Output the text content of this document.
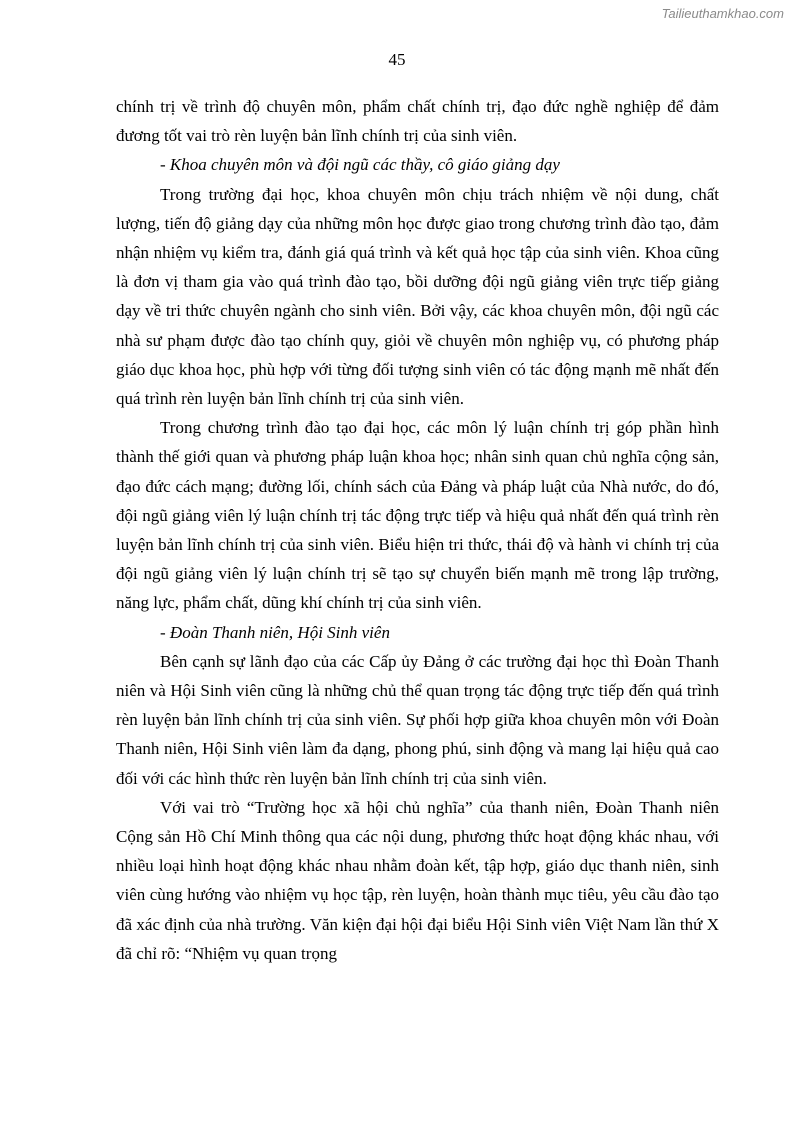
Tailieuthamkhao.com
45

chính trị về trình độ chuyên môn, phẩm chất chính trị, đạo đức nghề nghiệp để đảm đương tốt vai trò rèn luyện bản lĩnh chính trị của sinh viên.

- Khoa chuyên môn và đội ngũ các thầy, cô giáo giảng dạy

Trong trường đại học, khoa chuyên môn chịu trách nhiệm về nội dung, chất lượng, tiến độ giảng dạy của những môn học được giao trong chương trình đào tạo, đảm nhận nhiệm vụ kiểm tra, đánh giá quá trình và kết quả học tập của sinh viên. Khoa cũng là đơn vị tham gia vào quá trình đào tạo, bồi dưỡng đội ngũ giảng viên trực tiếp giảng dạy về tri thức chuyên ngành cho sinh viên. Bởi vậy, các khoa chuyên môn, đội ngũ các nhà sư phạm được đào tạo chính quy, giỏi về chuyên môn nghiệp vụ, có phương pháp giáo dục khoa học, phù hợp với từng đối tượng sinh viên có tác động mạnh mẽ nhất đến quá trình rèn luyện bản lĩnh chính trị của sinh viên.

Trong chương trình đào tạo đại học, các môn lý luận chính trị góp phần hình thành thế giới quan và phương pháp luận khoa học; nhân sinh quan chủ nghĩa cộng sản, đạo đức cách mạng; đường lối, chính sách của Đảng và pháp luật của Nhà nước, do đó, đội ngũ giảng viên lý luận chính trị tác động trực tiếp và hiệu quả nhất đến quá trình rèn luyện bản lĩnh chính trị của sinh viên. Biểu hiện tri thức, thái độ và hành vi chính trị của đội ngũ giảng viên lý luận chính trị sẽ tạo sự chuyển biến mạnh mẽ trong lập trường, năng lực, phẩm chất, dũng khí chính trị của sinh viên.

- Đoàn Thanh niên, Hội Sinh viên

Bên cạnh sự lãnh đạo của các Cấp ủy Đảng ở các trường đại học thì Đoàn Thanh niên và Hội Sinh viên cũng là những chủ thể quan trọng tác động trực tiếp đến quá trình rèn luyện bản lĩnh chính trị của sinh viên. Sự phối hợp giữa khoa chuyên môn với Đoàn Thanh niên, Hội Sinh viên làm đa dạng, phong phú, sinh động và mang lại hiệu quả cao đối với các hình thức rèn luyện bản lĩnh chính trị của sinh viên.

Với vai trò “Trường học xã hội chủ nghĩa” của thanh niên, Đoàn Thanh niên Cộng sản Hồ Chí Minh thông qua các nội dung, phương thức hoạt động khác nhau, với nhiều loại hình hoạt động khác nhau nhằm đoàn kết, tập hợp, giáo dục thanh niên, sinh viên cùng hướng vào nhiệm vụ học tập, rèn luyện, hoàn thành mục tiêu, yêu cầu đào tạo đã xác định của nhà trường. Văn kiện đại hội đại biểu Hội Sinh viên Việt Nam lần thứ X đã chỉ rõ: “Nhiệm vụ quan trọng
